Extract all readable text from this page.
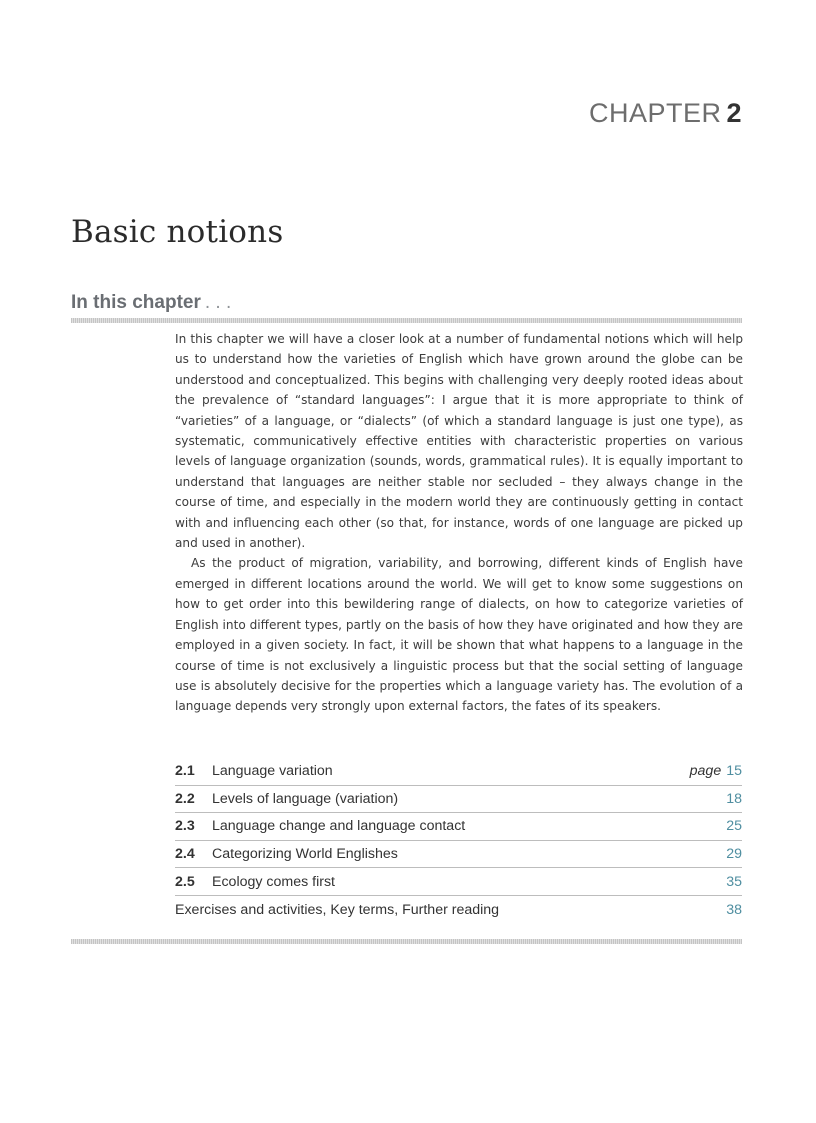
CHAPTER 2
Basic notions
In this chapter . . .

In this chapter we will have a closer look at a number of fundamental notions which will help us to understand how the varieties of English which have grown around the globe can be understood and conceptualized. This begins with challenging very deeply rooted ideas about the prevalence of “standard languages”: I argue that it is more appropriate to think of “varieties” of a language, or “dialects” (of which a standard language is just one type), as systematic, communicatively effective entities with characteristic properties on various levels of language organization (sounds, words, grammatical rules). It is equally important to understand that languages are neither stable nor secluded – they always change in the course of time, and especially in the modern world they are continuously getting in contact with and influencing each other (so that, for instance, words of one language are picked up and used in another).

As the product of migration, variability, and borrowing, different kinds of English have emerged in different locations around the world. We will get to know some suggestions on how to get order into this bewildering range of dialects, on how to categorize varieties of English into different types, partly on the basis of how they have originated and how they are employed in a given society. In fact, it will be shown that what happens to a language in the course of time is not exclusively a linguistic process but that the social setting of language use is absolutely decisive for the properties which a language variety has. The evolution of a language depends very strongly upon external factors, the fates of its speakers.

2.1	Language variation	page 15
2.2	Levels of language (variation)	18
2.3	Language change and language contact	25
2.4	Categorizing World Englishes	29
2.5	Ecology comes first	35
Exercises and activities, Key terms, Further reading	38
